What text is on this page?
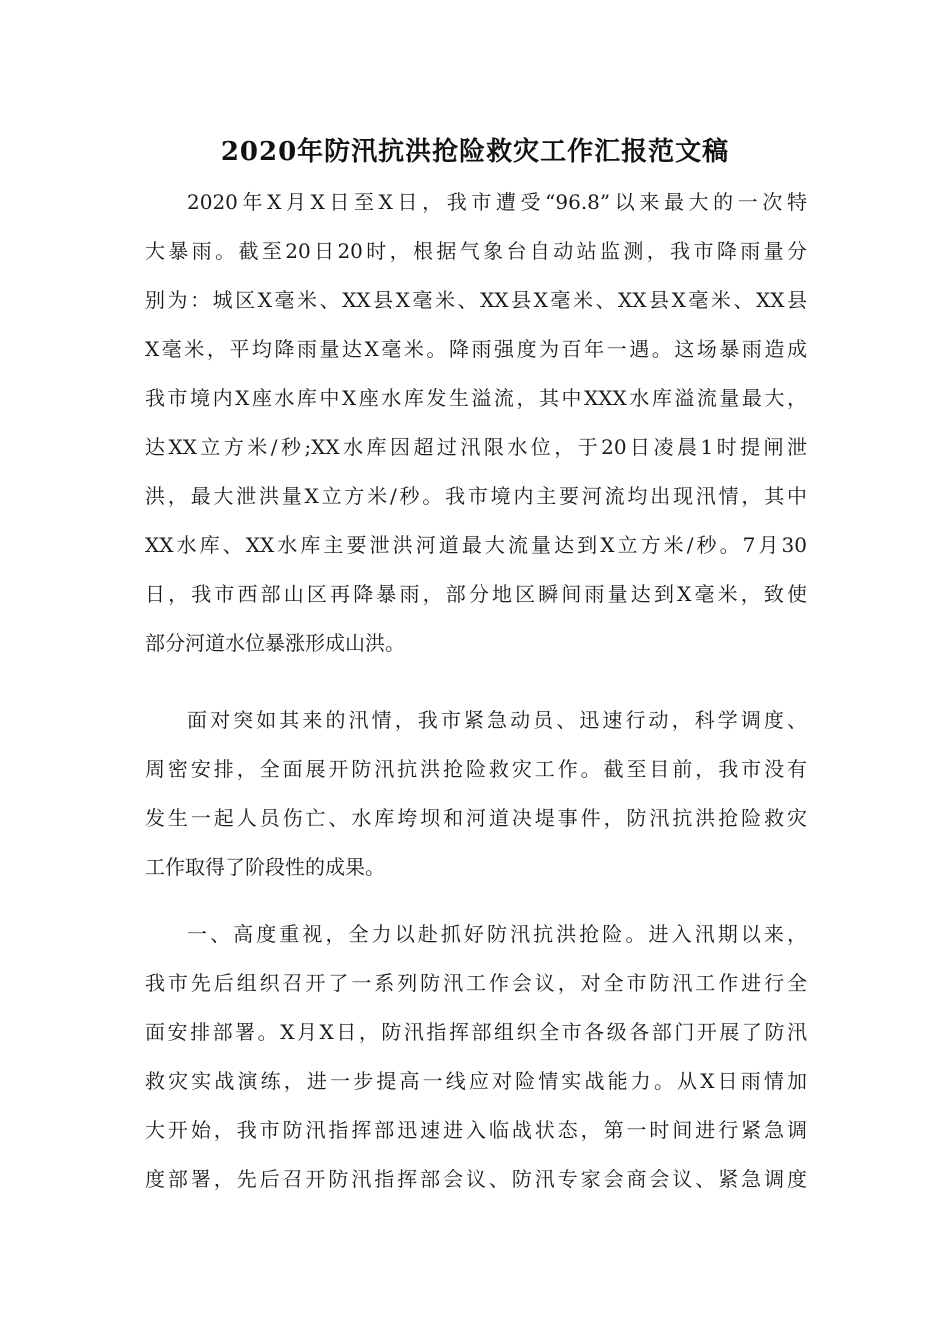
2020年防汛抗洪抢险救灾工作汇报范文稿
2020年X月X日至X日，我市遭受“96.8”以来最大的一次特
大暴雨。截至20日20时，根据气象台自动站监测，我市降雨量分
别为：城区X毫米、XX县X毫米、XX县X毫米、XX县X毫米、XX县
X毫米，平均降雨量达X毫米。降雨强度为百年一遇。这场暴雨造成
我市境内X座水库中X座水库发生溢流，其中XXX水库溢流量最大，
达XX立方米/秒;XX水库因超过汛限水位，于20日凌晨1时提闸泄
洪，最大泄洪量X立方米/秒。我市境内主要河流均出现汛情，其中
XX水库、XX水库主要泄洪河道最大流量达到X立方米/秒。7月30
日，我市西部山区再降暴雨，部分地区瞬间雨量达到X毫米，致使
部分河道水位暴涨形成山洪。
面对突如其来的汛情，我市紧急动员、迅速行动，科学调度、
周密安排，全面展开防汛抗洪抢险救灾工作。截至目前，我市没有
发生一起人员伤亡、水库垮坝和河道决堤事件，防汛抗洪抢险救灾
工作取得了阶段性的成果。
一、高度重视，全力以赴抓好防汛抗洪抢险。进入汛期以来，
我市先后组织召开了一系列防汛工作会议，对全市防汛工作进行全
面安排部署。X月X日，防汛指挥部组织全市各级各部门开展了防汛
救灾实战演练，进一步提高一线应对险情实战能力。从X日雨情加
大开始，我市防汛指挥部迅速进入临战状态，第一时间进行紧急调
度部署，先后召开防汛指挥部会议、防汛专家会商会议、紧急调度
